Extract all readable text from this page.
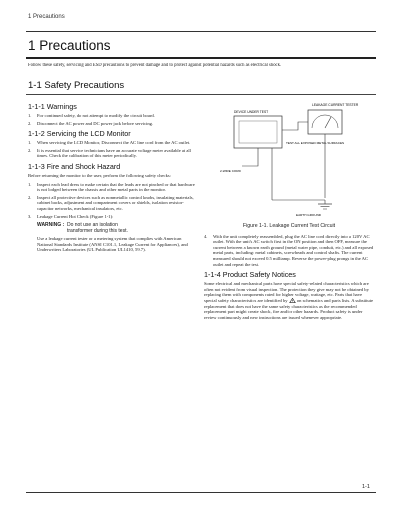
1 Precautions
1 Precautions
Follow these safety, servicing and ESD precautions to prevent damage and to protect against potential hazards such as electrical shock.
1-1 Safety Precautions
1-1-1 Warnings
1. For continued safety, do not attempt to modify the circuit board.
2. Disconnect the AC power and DC power jack before servicing.
1-1-2 Servicing the LCD Monitor
1. When servicing the LCD Monitor, Disconnect the AC line cord from the AC outlet.
2. It is essential that service technicians have an accurate voltage meter available at all times. Check the calibration of this meter periodically.
1-1-3 Fire and Shock Hazard

Before returning the monitor to the user, perform the following safety checks:

1. Inspect each lead dress to make certain that the leads are not pinched or that hardware is not lodged between the chassis and other metal parts in the monitor.
2. Inspect all protective devices such as nonmetallic control knobs, insulating materials, cabinet backs, adjustment and compartment covers or shields, isolation resistor-capacitor networks, mechanical insulators, etc.
3. Leakage Current Hot Check (Figure 1-1):
WARNING : Do not use an isolation
transformer during this test.

Use a leakage current tester or a metering system that complies with American National Standards Institute (ANSI C101.1, Leakage Current for Appliances), and Underwriters Laboratories (UL Publication UL1410, 59.7).

LEAKAGE CURRENT TESTER
DEVICE UNDER TEST
TEST ALL EXPOSED METAL SURFACES
2-WIRE CORD
EARTH GROUND
Figure 1-1. Leakage Current Test Circuit
4. With the unit completely reassembled, plug the AC line cord directly into a 120V AC outlet. With the unit's AC switch first in the ON position and then OFF, measure the current between a known earth ground (metal water pipe, conduit, etc.) and all exposed metal parts, including: metal cabinets, screwheads and control shafts. The current measured should not exceed 0.5 milliamp. Reverse the power-plug prongs in the AC outlet and repeat the test.
1-1-4 Product Safety Notices

Some electrical and mechanical parts have special safety-related characteristics which are often not evident from visual inspection. The protection they give may not be obtained by replacing them with components rated for higher voltage, wattage, etc. Parts that have special safety characteristics are identified by on schematics and parts lists. A substitute replacement that does not have the same safety characteristics as the recommended replacement part might create shock, fire and/or other hazards. Product safety is under review continuously and new instructions are issued whenever appropriate.

1-1
